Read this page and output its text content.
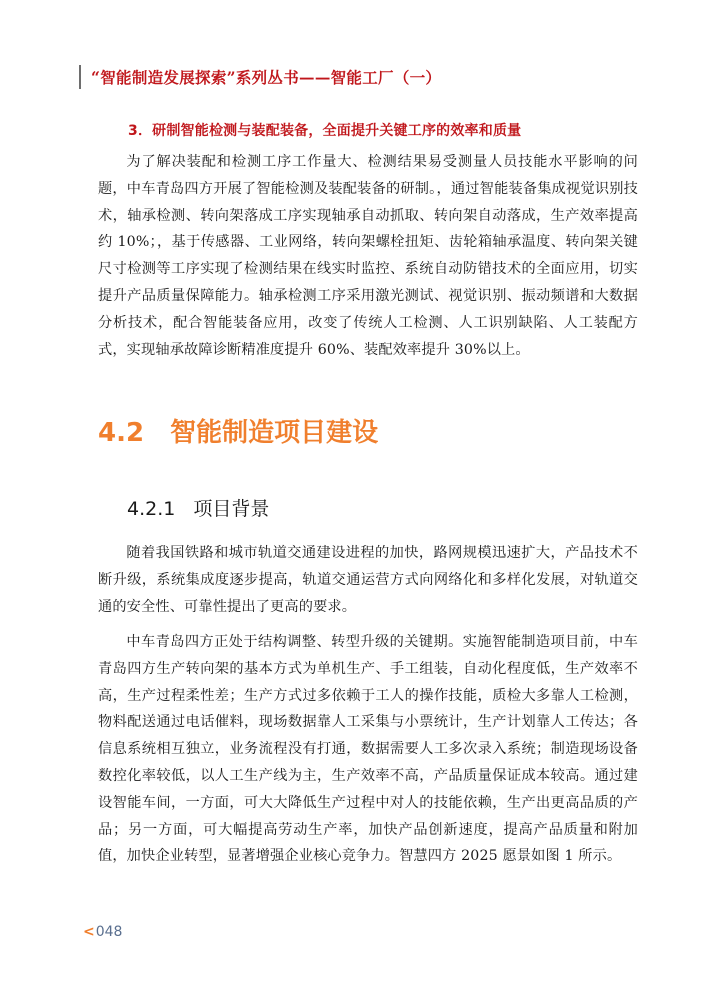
“智能制造发展探索”系列丛书——智能工厂（一）
3．研制智能检测与装配装备，全面提升关键工序的效率和质量

为了解决装配和检测工序工作量大、检测结果易受测量人员技能水平影响的问题，中车青岛四方开展了智能检测及装配装备的研制。，通过智能装备集成视觉识别技术，轴承检测、转向架落成工序实现轴承自动抓取、转向架自动落成，生产效率提高约 10%；，基于传感器、工业网络，转向架螺栓扭矩、齿轮箱轴承温度、转向架关键尺寸检测等工序实现了检测结果在线实时监控、系统自动防错技术的全面应用，切实提升产品质量保障能力。轴承检测工序采用激光测试、视觉识别、振动频谱和大数据分析技术，配合智能装备应用，改变了传统人工检测、人工识别缺陷、人工装配方式，实现轴承故障诊断精准度提升 60%、装配效率提升 30%以上。

4.2 智能制造项目建设
4.2.1 项目背景

随着我国铁路和城市轨道交通建设进程的加快，路网规模迅速扩大，产品技术不断升级，系统集成度逐步提高，轨道交通运营方式向网络化和多样化发展，对轨道交通的安全性、可靠性提出了更高的要求。

中车青岛四方正处于结构调整、转型升级的关键期。实施智能制造项目前，中车青岛四方生产转向架的基本方式为单机生产、手工组装，自动化程度低，生产效率不高，生产过程柔性差；生产方式过多依赖于工人的操作技能，质检大多靠人工检测，物料配送通过电话催料，现场数据靠人工采集与小票统计，生产计划靠人工传达；各信息系统相互独立，业务流程没有打通，数据需要人工多次录入系统；制造现场设备数控化率较低，以人工生产线为主，生产效率不高，产品质量保证成本较高。通过建设智能车间，一方面，可大大降低生产过程中对人的技能依赖，生产出更高品质的产品；另一方面，可大幅提高劳动生产率，加快产品创新速度，提高产品质量和附加值，加快企业转型，显著增强企业核心竞争力。智慧四方 2025 愿景如图 1 所示。

< 048
